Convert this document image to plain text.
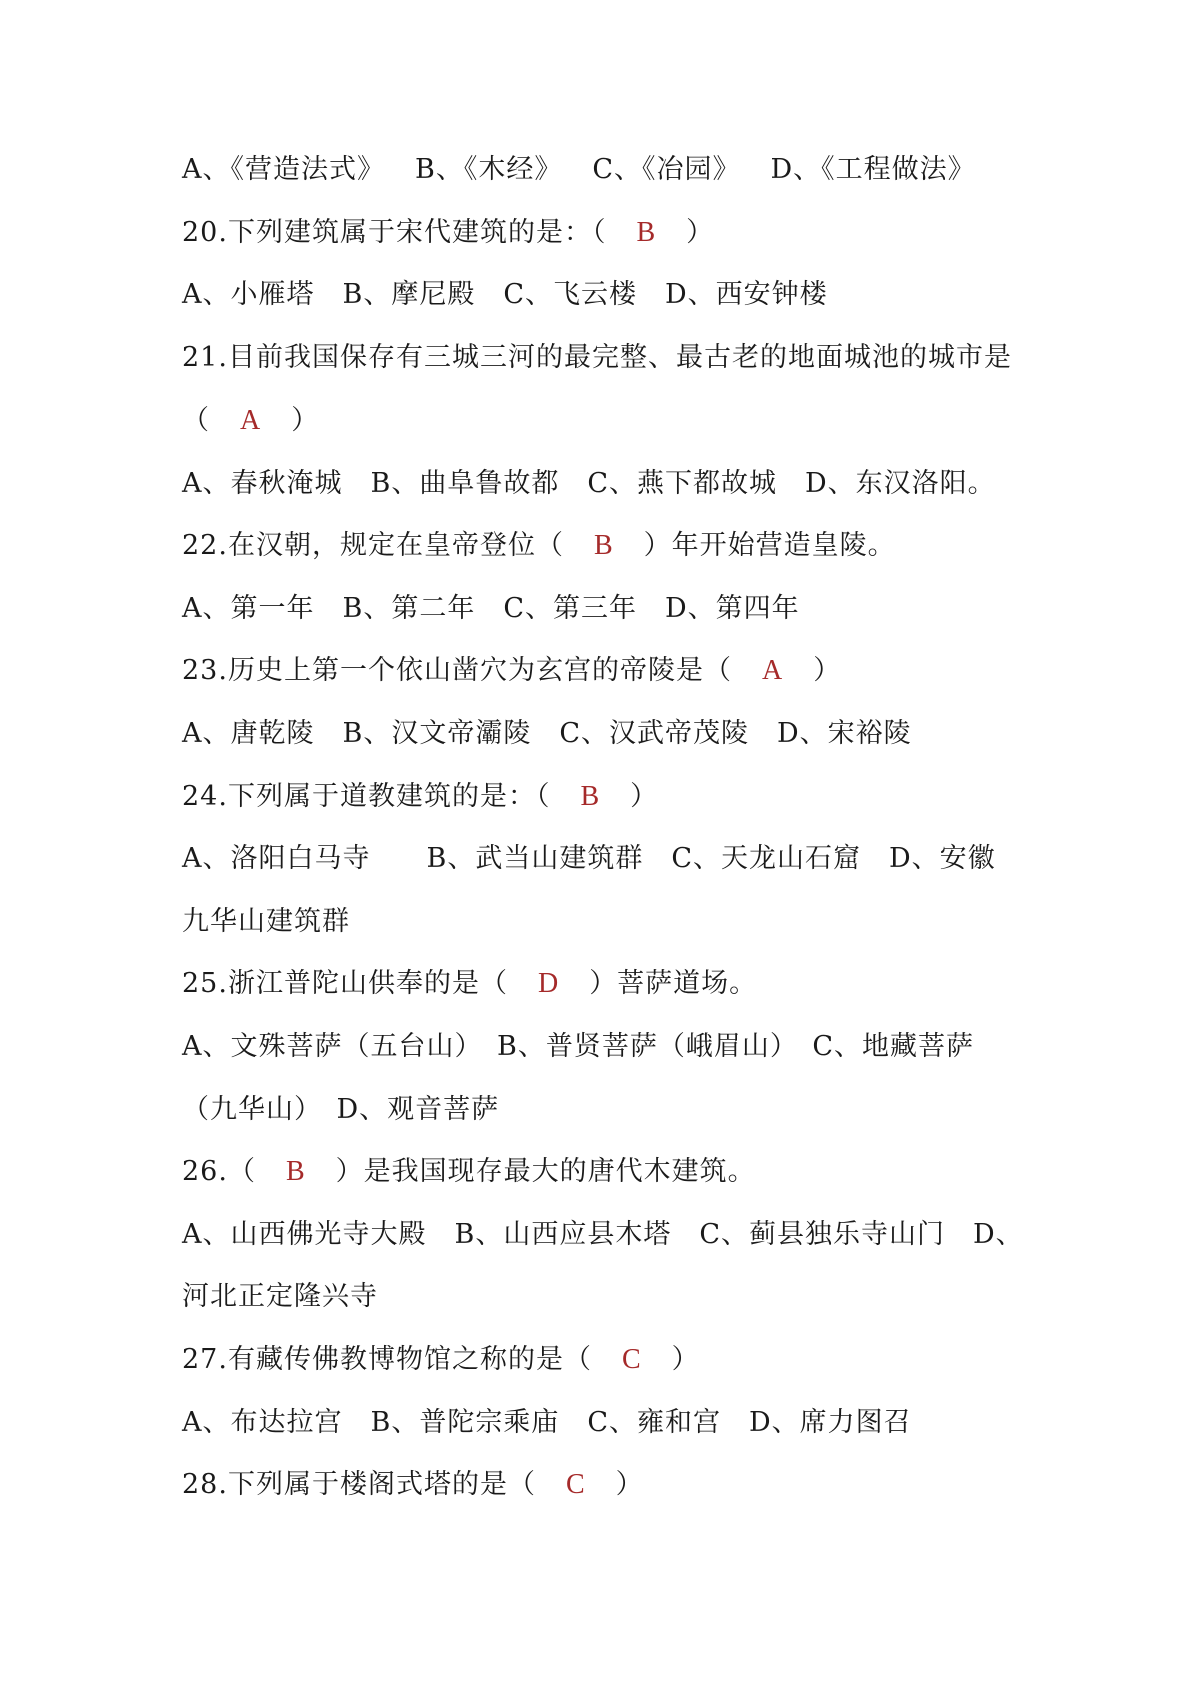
A、《营造法式》 B、《木经》 C、《冶园》 D、《工程做法》
20.下列建筑属于宋代建筑的是：（ B ）
A、小雁塔　B、摩尼殿　C、飞云楼　D、西安钟楼
21.目前我国保存有三城三河的最完整、最古老的地面城池的城市是
（ A ）
A、春秋淹城　B、曲阜鲁故都　C、燕下都故城　D、东汉洛阳。
22.在汉朝，规定在皇帝登位（ B ）年开始营造皇陵。
A、第一年　B、第二年　C、第三年　D、第四年
23.历史上第一个依山凿穴为玄宫的帝陵是（ A ）
A、唐乾陵　B、汉文帝灞陵　C、汉武帝茂陵　D、宋裕陵
24.下列属于道教建筑的是：（ B ）
A、洛阳白马寺　　B、武当山建筑群　C、天龙山石窟　D、安徽
九华山建筑群
25.浙江普陀山供奉的是（ D ）菩萨道场。
A、文殊菩萨（五台山）　B、普贤菩萨（峨眉山）　C、地藏菩萨
（九华山）　D、观音菩萨
26.（ B ）是我国现存最大的唐代木建筑。
A、山西佛光寺大殿　B、山西应县木塔　C、蓟县独乐寺山门　D、
河北正定隆兴寺
27.有藏传佛教博物馆之称的是（ C ）
A、布达拉宫　B、普陀宗乘庙　C、雍和宫　D、席力图召
28.下列属于楼阁式塔的是（ C ）
